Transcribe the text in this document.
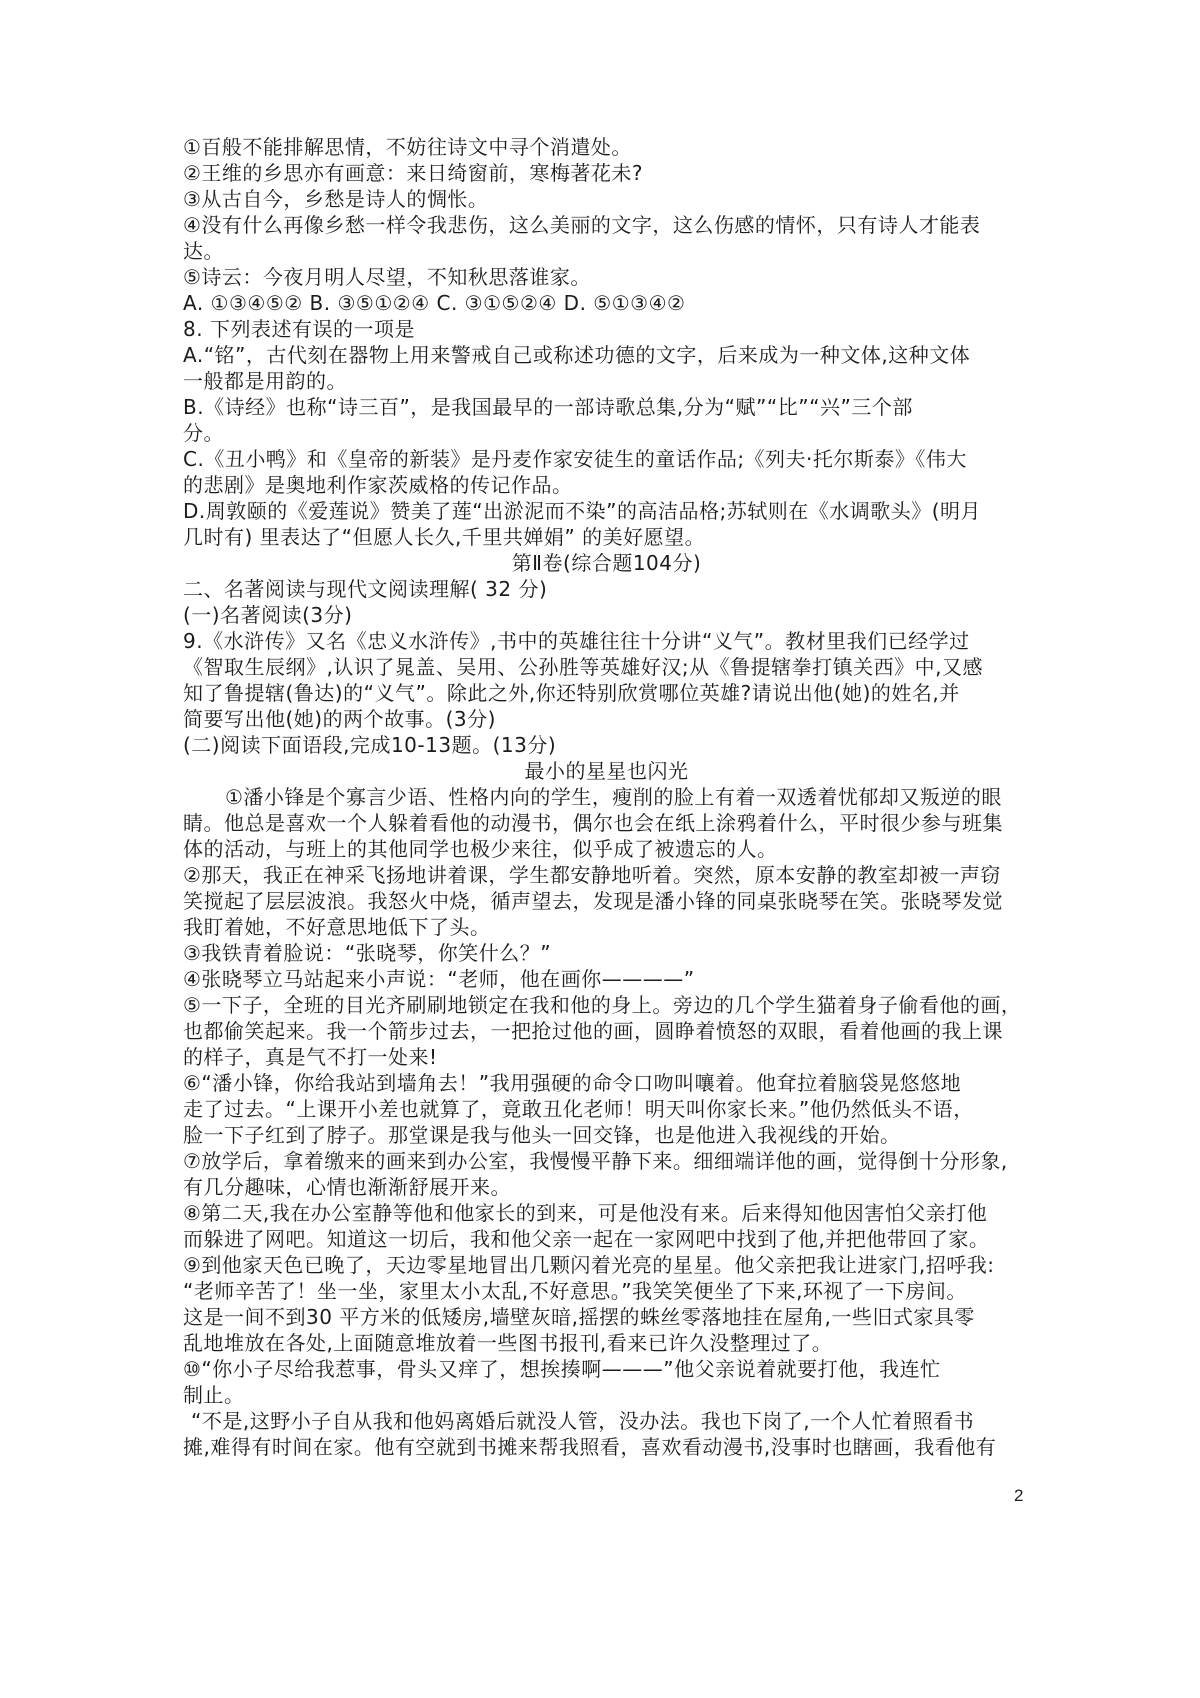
①百般不能排解思情，不妨往诗文中寻个消遣处。
②王维的乡思亦有画意：来日绮窗前，寒梅著花未?
③从古自今，乡愁是诗人的惆怅。
④没有什么再像乡愁一样令我悲伤，这么美丽的文字，这么伤感的情怀，只有诗人才能表
达。
⑤诗云：今夜月明人尽望，不知秋思落谁家。
A. ①③④⑤② B. ③⑤①②④ C. ③①⑤②④ D. ⑤①③④②
8. 下列表述有误的一项是
A.“铭”，古代刻在器物上用来警戒自己或称述功德的文字，后来成为一种文体,这种文体
一般都是用韵的。
B.《诗经》也称“诗三百”，是我国最早的一部诗歌总集,分为“赋”“比”“兴”三个部
分。
C.《丑小鸭》和《皇帝的新装》是丹麦作家安徒生的童话作品;《列夫·托尔斯泰》《伟大
的悲剧》是奥地利作家茨威格的传记作品。
D.周敦颐的《爱莲说》赞美了莲“出淤泥而不染”的高洁品格;苏轼则在《水调歌头》(明月
几时有) 里表达了“但愿人长久,千里共婵娟” 的美好愿望。
第Ⅱ卷(综合题104分)
二、名著阅读与现代文阅读理解( 32 分)
(一)名著阅读(3分)
9.《水浒传》又名《忠义水浒传》,书中的英雄往往十分讲“义气”。教材里我们已经学过
《智取生辰纲》,认识了晁盖、吴用、公孙胜等英雄好汉;从《鲁提辖拳打镇关西》中,又感
知了鲁提辖(鲁达)的“义气”。除此之外,你还特别欣赏哪位英雄?请说出他(她)的姓名,并
简要写出他(她)的两个故事。(3分)
(二)阅读下面语段,完成10-13题。(13分)
最小的星星也闪光
①潘小锋是个寡言少语、性格内向的学生，瘦削的脸上有着一双透着忧郁却又叛逆的眼
睛。他总是喜欢一个人躲着看他的动漫书，偶尔也会在纸上涂鸦着什么，平时很少参与班集
体的活动，与班上的其他同学也极少来往，似乎成了被遗忘的人。
②那天，我正在神采飞扬地讲着课，学生都安静地听着。突然，原本安静的教室却被一声窃
笑搅起了层层波浪。我怒火中烧，循声望去，发现是潘小锋的同桌张晓琴在笑。张晓琴发觉
我盯着她，不好意思地低下了头。
③我铁青着脸说：“张晓琴，你笑什么？”
④张晓琴立马站起来小声说：“老师，他在画你————”
⑤一下子，全班的目光齐刷刷地锁定在我和他的身上。旁边的几个学生猫着身子偷看他的画，
也都偷笑起来。我一个箭步过去，一把抢过他的画，圆睁着愤怒的双眼，看着他画的我上课
的样子，真是气不打一处来!
⑥“潘小锋，你给我站到墙角去！”我用强硬的命令口吻叫嚷着。他耷拉着脑袋晃悠悠地
走了过去。“上课开小差也就算了，竟敢丑化老师！明天叫你家长来。”他仍然低头不语，
脸一下子红到了脖子。那堂课是我与他头一回交锋，也是他进入我视线的开始。
⑦放学后，拿着缴来的画来到办公室，我慢慢平静下来。细细端详他的画，觉得倒十分形象,
有几分趣味，心情也渐渐舒展开来。
⑧第二天,我在办公室静等他和他家长的到来，可是他没有来。后来得知他因害怕父亲打他
而躲进了网吧。知道这一切后，我和他父亲一起在一家网吧中找到了他,并把他带回了家。
⑨到他家天色已晚了，天边零星地冒出几颗闪着光亮的星星。他父亲把我让进家门,招呼我:
“老师辛苦了！坐一坐，家里太小太乱,不好意思。”我笑笑便坐了下来,环视了一下房间。
这是一间不到30 平方米的低矮房,墙壁灰暗,摇摆的蛛丝零落地挂在屋角,一些旧式家具零
乱地堆放在各处,上面随意堆放着一些图书报刊,看来已许久没整理过了。
⑩“你小子尽给我惹事，骨头又痒了，想挨揍啊———”他父亲说着就要打他，我连忙
制止。
“不是,这野小子自从我和他妈离婚后就没人管，没办法。我也下岗了,一个人忙着照看书
摊,难得有时间在家。他有空就到书摊来帮我照看，喜欢看动漫书,没事时也瞎画，我看他有
2
